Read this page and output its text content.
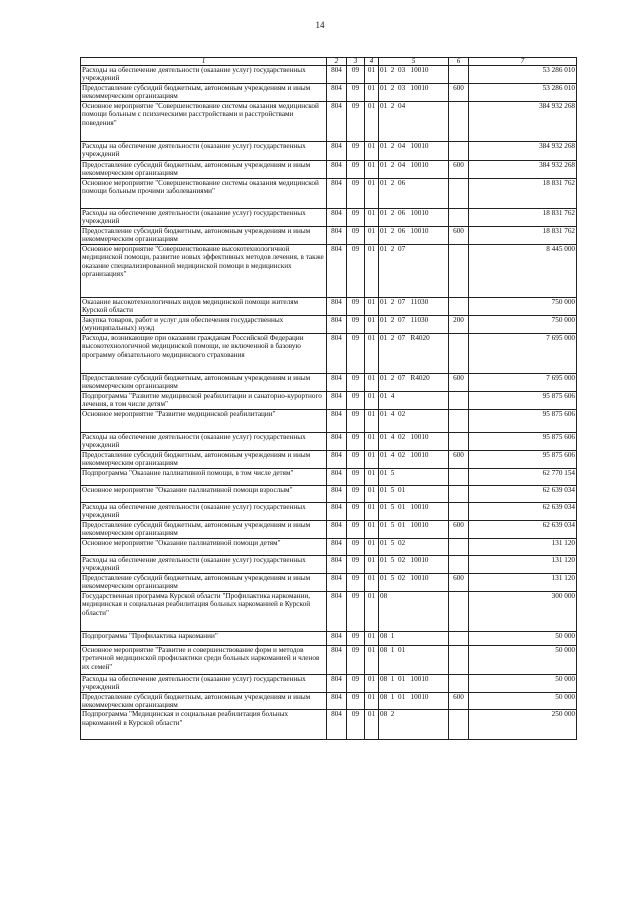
14
1	2	3	4	5	6	7
Расходы на обеспечение деятельности (оказание услуг) государственных учреждений	804	09	01	01  2  03   10010		53 286 010
Предоставление субсидий бюджетным, автономным учреждениям и иным некоммерческим организациям	804	09	01	01  2  03   10010	600	53 286 010
Основное мероприятие "Совершенствование системы оказания медицинской помощи больным с психическими расстройствами и расстройствами поведения"	804	09	01	01  2  04		384 932 268
Расходы на обеспечение деятельности (оказание услуг) государственных учреждений	804	09	01	01  2  04   10010		384 932 268
Предоставление субсидий бюджетным, автономным учреждениям и иным некоммерческим организациям	804	09	01	01  2  04   10010	600	384 932 268
Основное мероприятие "Совершенствование системы оказания медицинской помощи больным прочими заболеваниями"	804	09	01	01  2  06		18 831 762
Расходы на обеспечение деятельности (оказание услуг) государственных учреждений	804	09	01	01  2  06   10010		18 831 762
Предоставление субсидий бюджетным, автономным учреждениям и иным некоммерческим организациям	804	09	01	01  2  06   10010	600	18 831 762
Основное мероприятие "Совершенствование высокотехнологичной медицинской помощи, развитие новых эффективных методов лечения, в также оказание специализированной медицинской помощи в медицинских организациях"	804	09	01	01  2  07		8 445 000
Оказание высокотехнологичных видов медицинской помощи жителям Курской области	804	09	01	01  2  07   11030		750 000
Закупка товаров, работ и услуг для обеспечения государственных (муниципальных) нужд	804	09	01	01  2  07   11030	200	750 000
Расходы, возникающие при оказании гражданам Российской Федерации высокотехнологичной медицинской помощи, не включенной в базовую программу обязательного медицинского страхования	804	09	01	01  2  07   R4020		7 695 000
Предоставление субсидий бюджетным, автономным учреждениям и иным некоммерческим организациям	804	09	01	01  2  07   R4020	600	7 695 000
Подпрограмма "Развитие медицинской реабилитации и санаторно-курортного лечения, в том числе детям"	804	09	01	01  4		95 875 606
Основное мероприятие "Развитие медицинской реабилитации"	804	09	01	01  4  02		95 875 606
Расходы на обеспечение деятельности (оказание услуг) государственных учреждений	804	09	01	01  4  02   10010		95 875 606
Предоставление субсидий бюджетным, автономным учреждениям и иным некоммерческим организациям	804	09	01	01  4  02   10010	600	95 875 606
Подпрограмма "Оказание паллиативной помощи, в том числе детям"	804	09	01	01  5		62 770 154
Основное мероприятие "Оказание паллиативной помощи взрослым"	804	09	01	01  5  01		62 639 034
Расходы на обеспечение деятельности (оказание услуг) государственных учреждений	804	09	01	01  5  01   10010		62 639 034
Предоставление субсидий бюджетным, автономным учреждениям и иным некоммерческим организациям	804	09	01	01  5  01   10010	600	62 639 034
Основное мероприятие "Оказание паллиативной помощи детям"	804	09	01	01  5  02		131 120
Расходы на обеспечение деятельности (оказание услуг) государственных учреждений	804	09	01	01  5  02   10010		131 120
Предоставление субсидий бюджетным, автономным учреждениям и иным некоммерческим организациям	804	09	01	01  5  02   10010	600	131 120
Государственная программа Курской области "Профилактика наркомании, медицинская и социальная реабилитация больных наркоманией в Курской области"	804	09	01	08		300 000
Подпрограмма "Профилактика наркомании"	804	09	01	08  1		50 000
Основное мероприятие "Развитие и совершенствование форм и методов третичной медицинской профилактики среди больных наркоманией и членов их семей"	804	09	01	08  1  01		50 000
Расходы на обеспечение деятельности (оказание услуг) государственных учреждений	804	09	01	08  1  01   10010		50 000
Предоставление субсидий бюджетным, автономным учреждениям и иным некоммерческим организациям	804	09	01	08  1  01   10010	600	50 000
Подпрограмма "Медицинская и социальная реабилитация больных наркоманией в Курской области"	804	09	01	08  2		250 000
